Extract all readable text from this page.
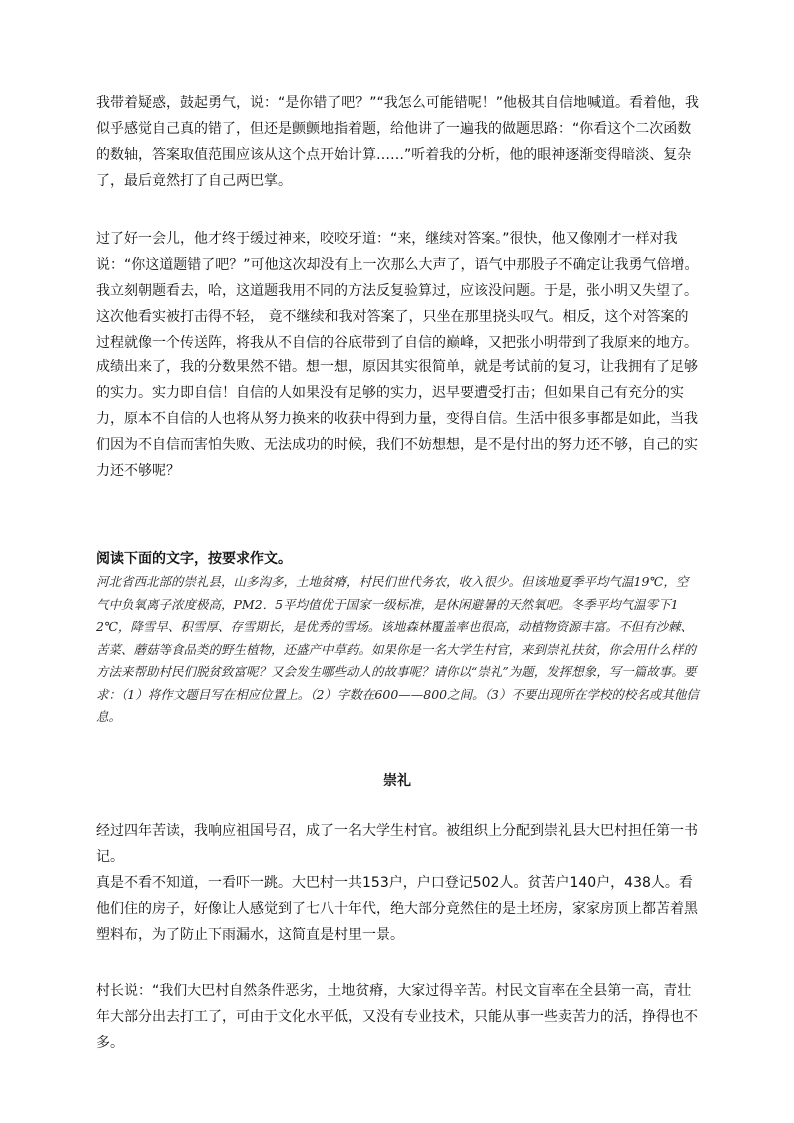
我带着疑惑，鼓起勇气，说：“是你错了吧？”“我怎么可能错呢！”他极其自信地喊道。看着他，我似乎感觉自己真的错了，但还是颤颤地指着题，给他讲了一遍我的做题思路：“你看这个二次函数的数轴，答案取值范围应该从这个点开始计算……”听着我的分析，他的眼神逐渐变得暗淡、复杂了，最后竟然打了自己两巴掌。

过了好一会儿，他才终于缓过神来，咬咬牙道：“来，继续对答案。”很快，他又像刚才一样对我说：“你这道题错了吧？”可他这次却没有上一次那么大声了，语气中那股子不确定让我勇气倍增。我立刻朝题看去，哈，这道题我用不同的方法反复验算过，应该没问题。于是，张小明又失望了。这次他看实被打击得不轻， 竟不继续和我对答案了，只坐在那里挠头叹气。相反，这个对答案的过程就像一个传送阵，将我从不自信的谷底带到了自信的巅峰，又把张小明带到了我原来的地方。

成绩出来了，我的分数果然不错。想一想，原因其实很简单，就是考试前的复习，让我拥有了足够的实力。实力即自信！自信的人如果没有足够的实力，迟早要遭受打击；但如果自己有充分的实力，原本不自信的人也将从努力换来的收获中得到力量，变得自信。生活中很多事都是如此，当我们因为不自信而害怕失败、无法成功的时候，我们不妨想想，是不是付出的努力还不够，自己的实力还不够呢？

阅读下面的文字，按要求作文。

河北省西北部的崇礼县，山多沟多，土地贫瘠，村民们世代务农，收入很少。但该地夏季平均气温19℃，空气中负氧离子浓度极高，PM2．5平均值优于国家一级标准，是休闲避暑的天然氧吧。冬季平均气温零下12℃，降雪早、积雪厚、存雪期长，是优秀的雪场。该地森林覆盖率也很高，动植物资源丰富。不但有沙棘、苦菜、蘑菇等食品类的野生植物，还盛产中草药。如果你是一名大学生村官，来到崇礼扶贫，你会用什么样的方法来帮助村民们脱贫致富呢？又会发生哪些动人的故事呢？请你以“崇礼”为题，发挥想象，写一篇故事。要求：（1）将作文题目写在相应位置上。（2）字数在600——800之间。（3）不要出现所在学校的校名或其他信息。

崇礼

经过四年苦读，我响应祖国号召，成了一名大学生村官。被组织上分配到崇礼县大巴村担任第一书记。

真是不看不知道，一看吓一跳。大巴村一共153户，户口登记502人。贫苦户140户，438人。看他们住的房子，好像让人感觉到了七八十年代，绝大部分竟然住的是土坯房，家家房顶上都苫着黑塑料布，为了防止下雨漏水，这简直是村里一景。

村长说：“我们大巴村自然条件恶劣，土地贫瘠，大家过得辛苦。村民文盲率在全县第一高，青壮年大部分出去打工了，可由于文化水平低，又没有专业技术，只能从事一些卖苦力的活，挣得也不多。
